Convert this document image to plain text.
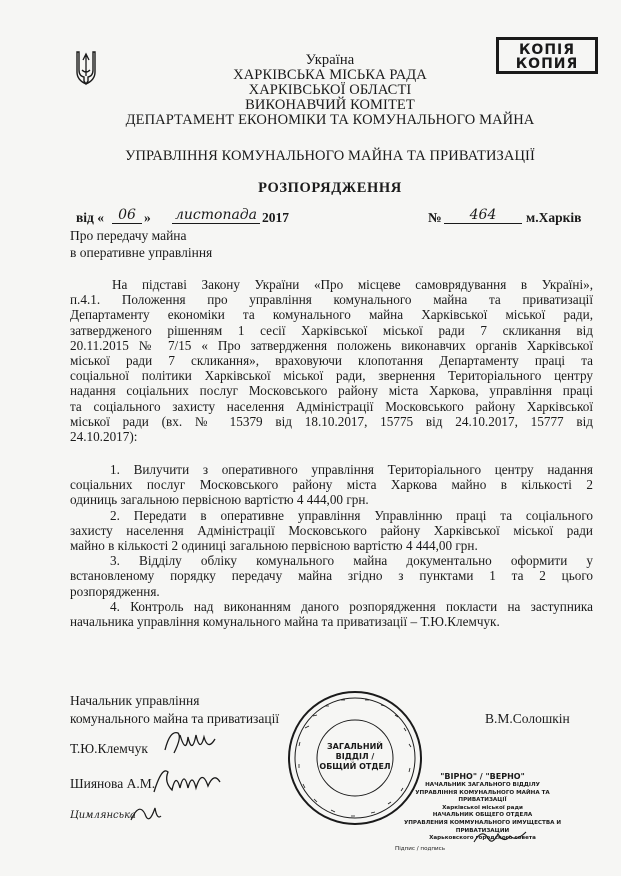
КОПІЯ
КОПИЯ
Україна
ХАРКІВСЬКА МІСЬКА РАДА
ХАРКІВСЬКОЇ ОБЛАСТІ
ВИКОНАВЧИЙ КОМІТЕТ
ДЕПАРТАМЕНТ ЕКОНОМІКИ ТА КОМУНАЛЬНОГО МАЙНА
УПРАВЛІННЯ КОМУНАЛЬНОГО МАЙНА ТА ПРИВАТИЗАЦІЇ
РОЗПОРЯДЖЕННЯ
від «	06 » листопада 2017	№	464	м.Харків
Про передачу майна
в оперативне управління
На підставі Закону України «Про місцеве самоврядування в Україні»,
п.4.1. Положення про управління комунального майна та приватизації
Департаменту економіки та комунального майна Харківської міської ради,
затвердженого рішенням 1 сесії Харківської міської ради 7 скликання від
20.11.2015 № 7/15 « Про затвердження положень виконавчих органів Харківської
міської ради 7 скликання», враховуючи клопотання Департаменту праці та
соціальної політики Харківської міської ради, звернення Територіального центру
надання соціальних послуг Московського району міста Харкова, управління праці
та соціального захисту населення Адміністрації Московського району Харківської
міської ради (вх. № 15379 від 18.10.2017, 15775 від 24.10.2017, 15777 від
24.10.2017):
1. Вилучити з оперативного управління Територіального центру надання
соціальних послуг Московського району міста Харкова майно в кількості 2
одиниць загальною первісною вартістю 4 444,00 грн.
2. Передати в оперативне управління Управлінню праці та соціального
захисту населення Адміністрації Московського району Харківської міської ради
майно в кількості 2 одиниці загальною первісною вартістю 4 444,00 грн.
3. Відділу обліку комунального майна документально оформити у
встановленому порядку передачу майна згідно з пунктами 1 та 2 цього
розпорядження.
4. Контроль над виконанням даного розпорядження покласти на заступника
начальника управління комунального майна та приватизації – Т.Ю.Клемчук.
Начальник управління
комунального майна та приватизації	В.М.Солошкін
Т.Ю.Клемчук
Шиянова А.М.
Цимлянська
ЗАГАЛЬНИЙ
ВІДДІЛ /
ОБЩИЙ ОТДЕЛ
"ВІРНО" / "ВЕРНО"
НАЧАЛЬНИК ЗАГАЛЬНОГО ВІДДІЛУ
УПРАВЛІННЯ КОМУНАЛЬНОГО МАЙНА ТА ПРИВАТИЗАЦІЇ
Харківської міської ради
НАЧАЛЬНИК ОБЩЕГО ОТДЕЛА
УПРАВЛЕНИЯ КОММУНАЛЬНОГО ИМУЩЕСТВА И ПРИВАТИЗАЦИИ
Харьковского городского совета
Підпис / подпись
